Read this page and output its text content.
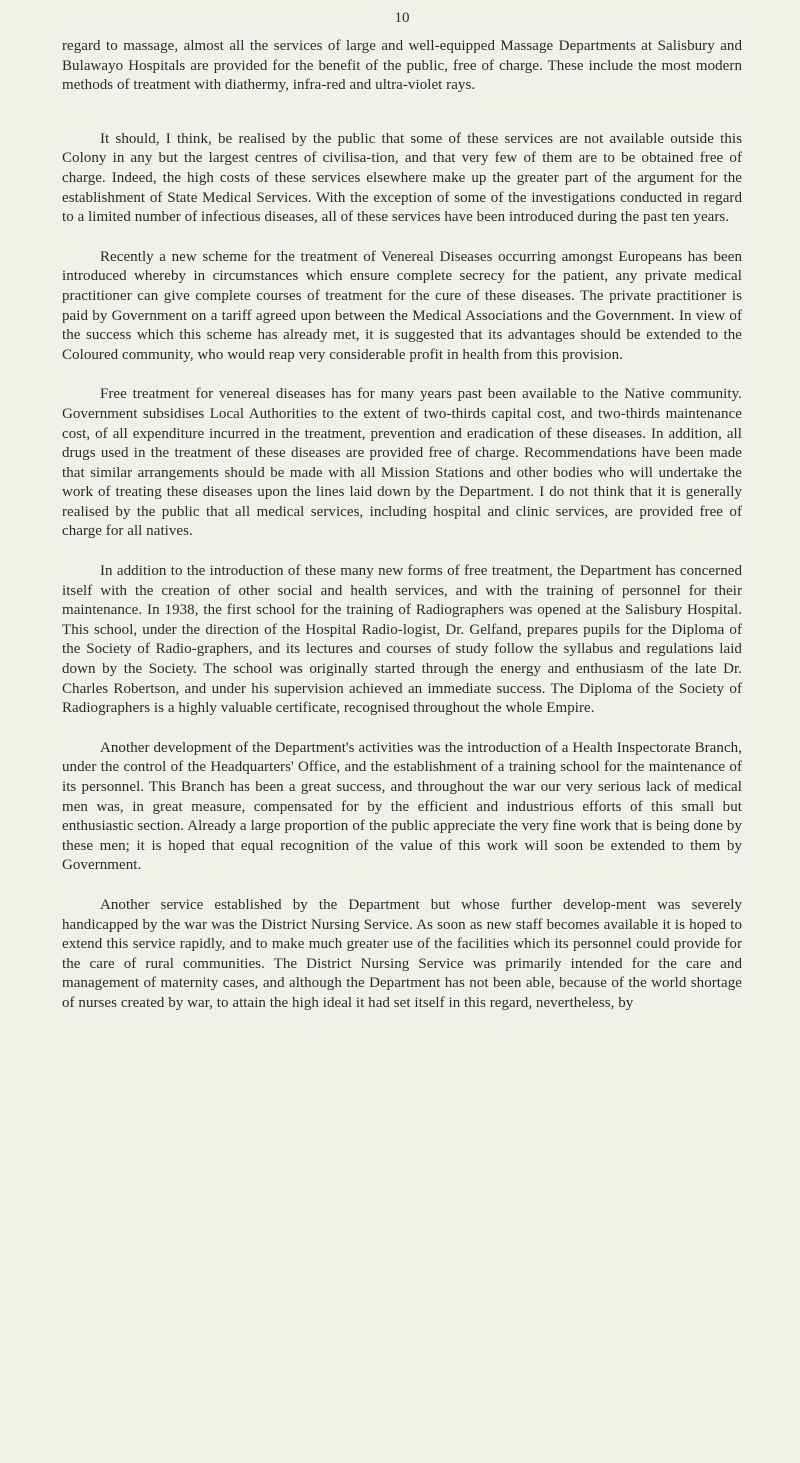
10

regard to massage, almost all the services of large and well-equipped Massage Departments at Salisbury and Bulawayo Hospitals are provided for the benefit of the public, free of charge. These include the most modern methods of treatment with diathermy, infra-red and ultra-violet rays.

It should, I think, be realised by the public that some of these services are not available outside this Colony in any but the largest centres of civilisa-tion, and that very few of them are to be obtained free of charge. Indeed, the high costs of these services elsewhere make up the greater part of the argument for the establishment of State Medical Services. With the exception of some of the investigations conducted in regard to a limited number of infectious diseases, all of these services have been introduced during the past ten years.

Recently a new scheme for the treatment of Venereal Diseases occurring amongst Europeans has been introduced whereby in circumstances which ensure complete secrecy for the patient, any private medical practitioner can give complete courses of treatment for the cure of these diseases. The private practitioner is paid by Government on a tariff agreed upon between the Medical Associations and the Government. In view of the success which this scheme has already met, it is suggested that its advantages should be extended to the Coloured community, who would reap very considerable profit in health from this provision.

Free treatment for venereal diseases has for many years past been available to the Native community. Government subsidises Local Authorities to the extent of two-thirds capital cost, and two-thirds maintenance cost, of all expenditure incurred in the treatment, prevention and eradication of these diseases. In addition, all drugs used in the treatment of these diseases are provided free of charge. Recommendations have been made that similar arrangements should be made with all Mission Stations and other bodies who will undertake the work of treating these diseases upon the lines laid down by the Department. I do not think that it is generally realised by the public that all medical services, including hospital and clinic services, are provided free of charge for all natives.

In addition to the introduction of these many new forms of free treatment, the Department has concerned itself with the creation of other social and health services, and with the training of personnel for their maintenance. In 1938, the first school for the training of Radiographers was opened at the Salisbury Hospital. This school, under the direction of the Hospital Radio-logist, Dr. Gelfand, prepares pupils for the Diploma of the Society of Radio-graphers, and its lectures and courses of study follow the syllabus and regulations laid down by the Society. The school was originally started through the energy and enthusiasm of the late Dr. Charles Robertson, and under his supervision achieved an immediate success. The Diploma of the Society of Radiographers is a highly valuable certificate, recognised throughout the whole Empire.

Another development of the Department's activities was the introduction of a Health Inspectorate Branch, under the control of the Headquarters' Office, and the establishment of a training school for the maintenance of its personnel. This Branch has been a great success, and throughout the war our very serious lack of medical men was, in great measure, compensated for by the efficient and industrious efforts of this small but enthusiastic section. Already a large proportion of the public appreciate the very fine work that is being done by these men; it is hoped that equal recognition of the value of this work will soon be extended to them by Government.

Another service established by the Department but whose further develop-ment was severely handicapped by the war was the District Nursing Service. As soon as new staff becomes available it is hoped to extend this service rapidly, and to make much greater use of the facilities which its personnel could provide for the care of rural communities. The District Nursing Service was primarily intended for the care and management of maternity cases, and although the Department has not been able, because of the world shortage of nurses created by war, to attain the high ideal it had set itself in this regard, nevertheless, by
